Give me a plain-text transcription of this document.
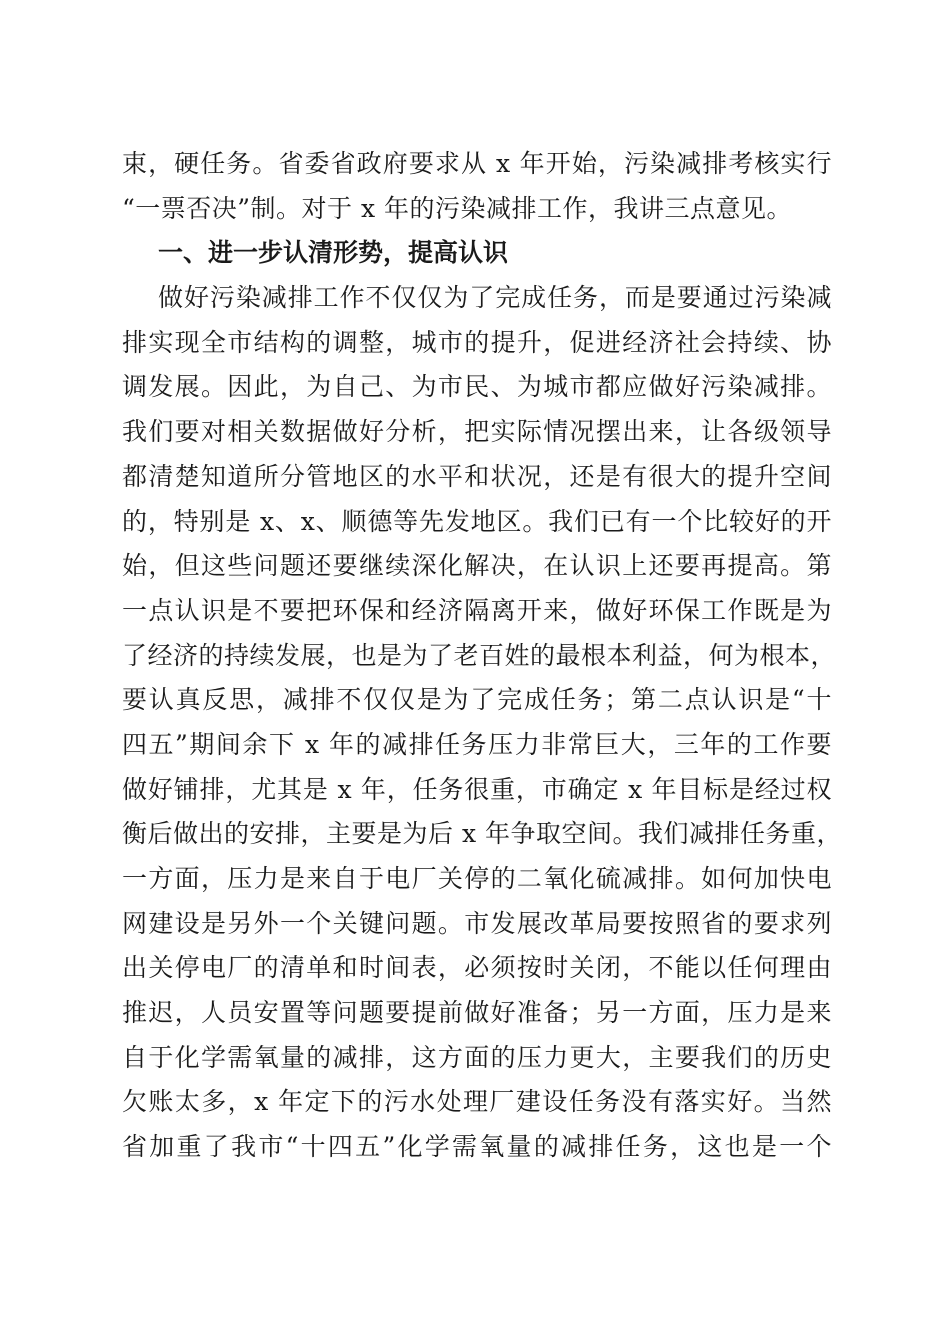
束，硬任务。省委省政府要求从 x 年开始，污染减排考核实行
“一票否决”制。对于 x 年的污染减排工作，我讲三点意见。
一、进一步认清形势，提高认识
做好污染减排工作不仅仅为了完成任务，而是要通过污染减
排实现全市结构的调整，城市的提升，促进经济社会持续、协
调发展。因此，为自己、为市民、为城市都应做好污染减排。
我们要对相关数据做好分析，把实际情况摆出来，让各级领导
都清楚知道所分管地区的水平和状况，还是有很大的提升空间
的，特别是 x、x、顺德等先发地区。我们已有一个比较好的开
始，但这些问题还要继续深化解决，在认识上还要再提高。第
一点认识是不要把环保和经济隔离开来，做好环保工作既是为
了经济的持续发展，也是为了老百姓的最根本利益，何为根本，
要认真反思，减排不仅仅是为了完成任务；第二点认识是“十
四五”期间余下 x 年的减排任务压力非常巨大，三年的工作要
做好铺排，尤其是 x 年，任务很重，市确定 x 年目标是经过权
衡后做出的安排，主要是为后 x 年争取空间。我们减排任务重，
一方面，压力是来自于电厂关停的二氧化硫减排。如何加快电
网建设是另外一个关键问题。市发展改革局要按照省的要求列
出关停电厂的清单和时间表，必须按时关闭，不能以任何理由
推迟，人员安置等问题要提前做好准备；另一方面，压力是来
自于化学需氧量的减排，这方面的压力更大，主要我们的历史
欠账太多，x 年定下的污水处理厂建设任务没有落实好。当然
省加重了我市“十四五”化学需氧量的减排任务，这也是一个
